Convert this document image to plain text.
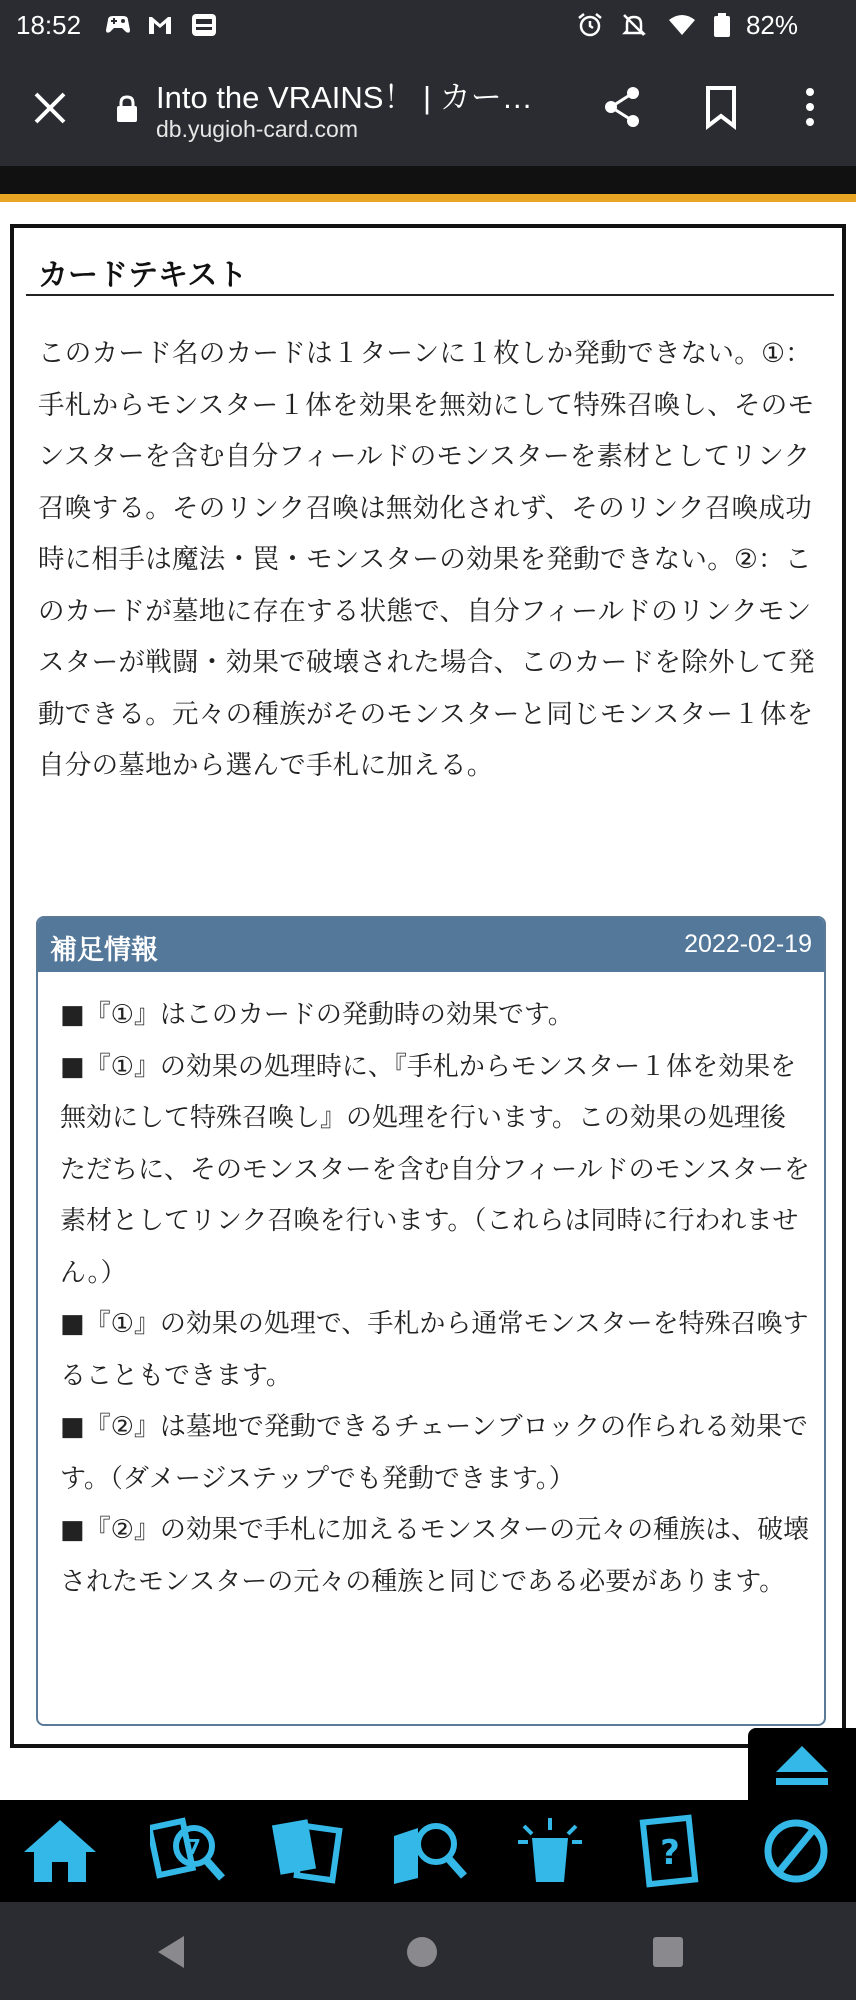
18:52	82%
Into the VRAINS！ | カー…
db.yugioh-card.com
カードテキスト
このカード名のカードは１ターンに１枚しか発動できない。①：手札からモンスター１体を効果を無効にして特殊召喚し、そのモンスターを含む自分フィールドのモンスターを素材としてリンク召喚する。そのリンク召喚は無効化されず、そのリンク召喚成功時に相手は魔法・罠・モンスターの効果を発動できない。②：このカードが墓地に存在する状態で、自分フィールドのリンクモンスターが戦闘・効果で破壊された場合、このカードを除外して発動できる。元々の種族がそのモンスターと同じモンスター１体を自分の墓地から選んで手札に加える。
補足情報	2022-02-19

■『①』はこのカードの発動時の効果です。

■『①』の効果の処理時に、『手札からモンスター１体を効果を無効にして特殊召喚し』の処理を行います。この効果の処理後ただちに、そのモンスターを含む自分フィールドのモンスターを素材としてリンク召喚を行います。（これらは同時に行われません。）

■『①』の効果の処理で、手札から通常モンスターを特殊召喚することもできます。

■『②』は墓地で発動できるチェーンブロックの作られる効果です。（ダメージステップでも発動できます。）

■『②』の効果で手札に加えるモンスターの元々の種族は、破壊されたモンスターの元々の種族と同じである必要があります。

7	?
